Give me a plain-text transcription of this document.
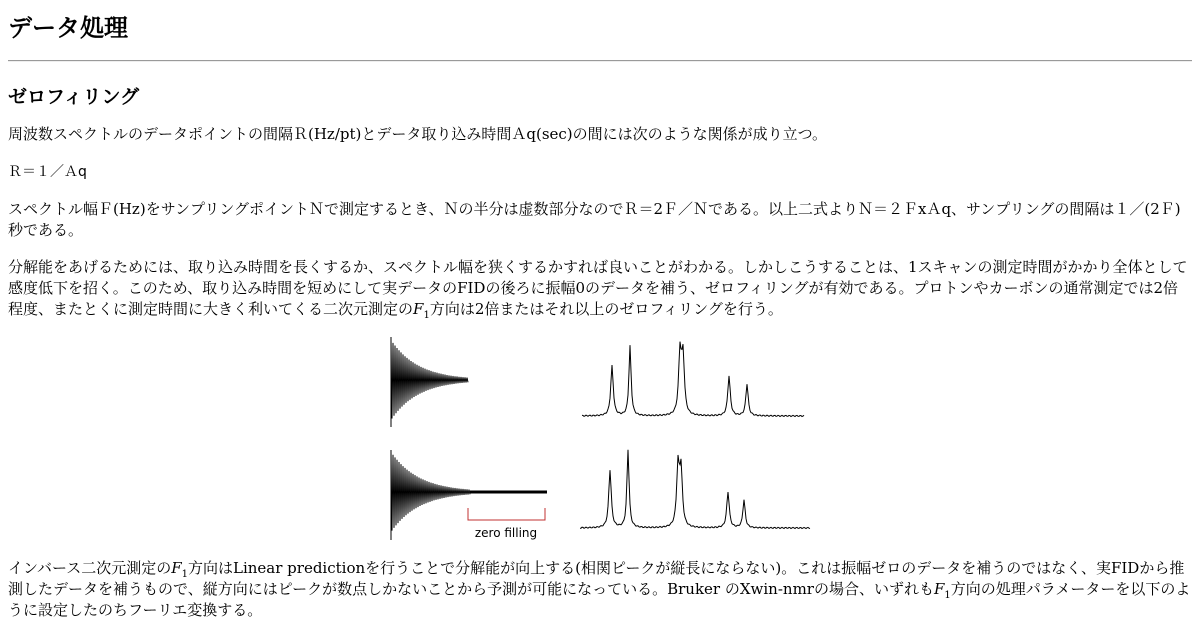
データ処理
ゼロフィリング

周波数スペクトルのデータポイントの間隔Ｒ(Hz/pt)とデータ取り込み時間Ａq(sec)の間には次のような関係が成り立つ。

Ｒ＝１／Ａq

スペクトル幅Ｆ(Hz)をサンプリングポイントＮで測定するとき、Ｎの半分は虚数部分なのでＲ＝2Ｆ／Ｎである。以上二式よりＮ＝２ＦxＡq、サンプリングの間隔は１／(2Ｆ)秒である。

分解能をあげるためには、取り込み時間を長くするか、スペクトル幅を狭くするかすれば良いことがわかる。しかしこうすることは、1スキャンの測定時間がかかり全体として感度低下を招く。このため、取り込み時間を短めにして実データのFIDの後ろに振幅0のデータを補う、ゼロフィリングが有効である。プロトンやカーボンの通常測定では2倍程度、またとくに測定時間に大きく利いてくる二次元測定の$F_1$方向は2倍またはそれ以上のゼロフィリングを行う。

zero filling

インバース二次元測定の$F_1$方向はLinear predictionを行うことで分解能が向上する(相関ピークが縦長にならない)。これは振幅ゼロのデータを補うのではなく、実FIDから推測したデータを補うもので、縦方向にはピークが数点しかないことから予測が可能になっている。Bruker のXwin-nmrの場合、いずれも$F_1$方向の処理パラメーターを以下のように設定したのちフーリエ変換する。
